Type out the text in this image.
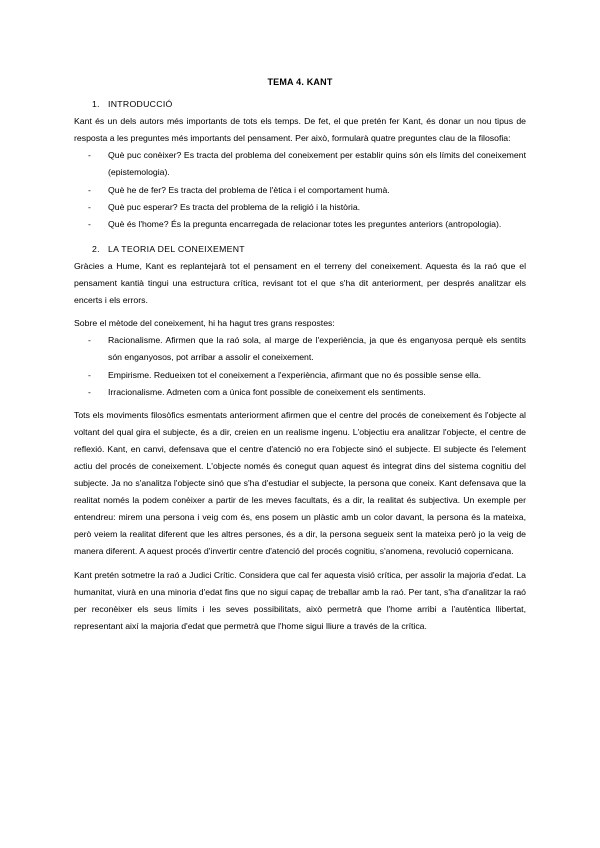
TEMA 4. KANT
1. INTRODUCCIÓ

Kant és un dels autors més importants de tots els temps. De fet, el que pretén fer Kant, és donar un nou tipus de resposta a les preguntes més importants del pensament. Per això, formularà quatre preguntes clau de la filosofia:

- Què puc conèixer? Es tracta del problema del coneixement per establir quins són els límits del coneixement (epistemologia).
- Què he de fer? Es tracta del problema de l'ètica i el comportament humà.
- Què puc esperar? Es tracta del problema de la religió i la història.
- Què és l'home? És la pregunta encarregada de relacionar totes les preguntes anteriors (antropologia).
2. LA TEORIA DEL CONEIXEMENT

Gràcies a Hume, Kant es replantejarà tot el pensament en el terreny del coneixement. Aquesta és la raó que el pensament kantià tingui una estructura crítica, revisant tot el que s'ha dit anteriorment, per després analitzar els encerts i els errors.

Sobre el mètode del coneixement, hi ha hagut tres grans respostes:

- Racionalisme. Afirmen que la raó sola, al marge de l'experiència, ja que és enganyosa perquè els sentits són enganyosos, pot arribar a assolir el coneixement.
- Empirisme. Redueixen tot el coneixement a l'experiència, afirmant que no és possible sense ella.
- Irracionalisme. Admeten com a única font possible de coneixement els sentiments.

Tots els moviments filosòfics esmentats anteriorment afirmen que el centre del procés de coneixement és l'objecte al voltant del qual gira el subjecte, és a dir, creien en un realisme ingenu. L'objectiu era analitzar l'objecte, el centre de reflexió. Kant, en canvi, defensava que el centre d'atenció no era l'objecte sinó el subjecte. El subjecte és l'element actiu del procés de coneixement. L'objecte només és conegut quan aquest és integrat dins del sistema cognitiu del subjecte. Ja no s'analitza l'objecte sinó que s'ha d'estudiar el subjecte, la persona que coneix. Kant defensava que la realitat només la podem conèixer a partir de les meves facultats, és a dir, la realitat és subjectiva. Un exemple per entendreu: mirem una persona i veig com és, ens posem un plàstic amb un color davant, la persona és la mateixa, però veiem la realitat diferent que les altres persones, és a dir, la persona segueix sent la mateixa però jo la veig de manera diferent. A aquest procés d'invertir centre d'atenció del procés cognitiu, s'anomena, revolució copernicana.

Kant pretén sotmetre la raó a Judici Crític. Considera que cal fer aquesta visió crítica, per assolir la majoria d'edat. La humanitat, viurà en una minoria d'edat fins que no sigui capaç de treballar amb la raó. Per tant, s'ha d'analitzar la raó per reconèixer els seus límits i les seves possibilitats, això permetrà que l'home arribi a l'autèntica llibertat, representant així la majoria d'edat que permetrà que l'home sigui lliure a través de la crítica.
